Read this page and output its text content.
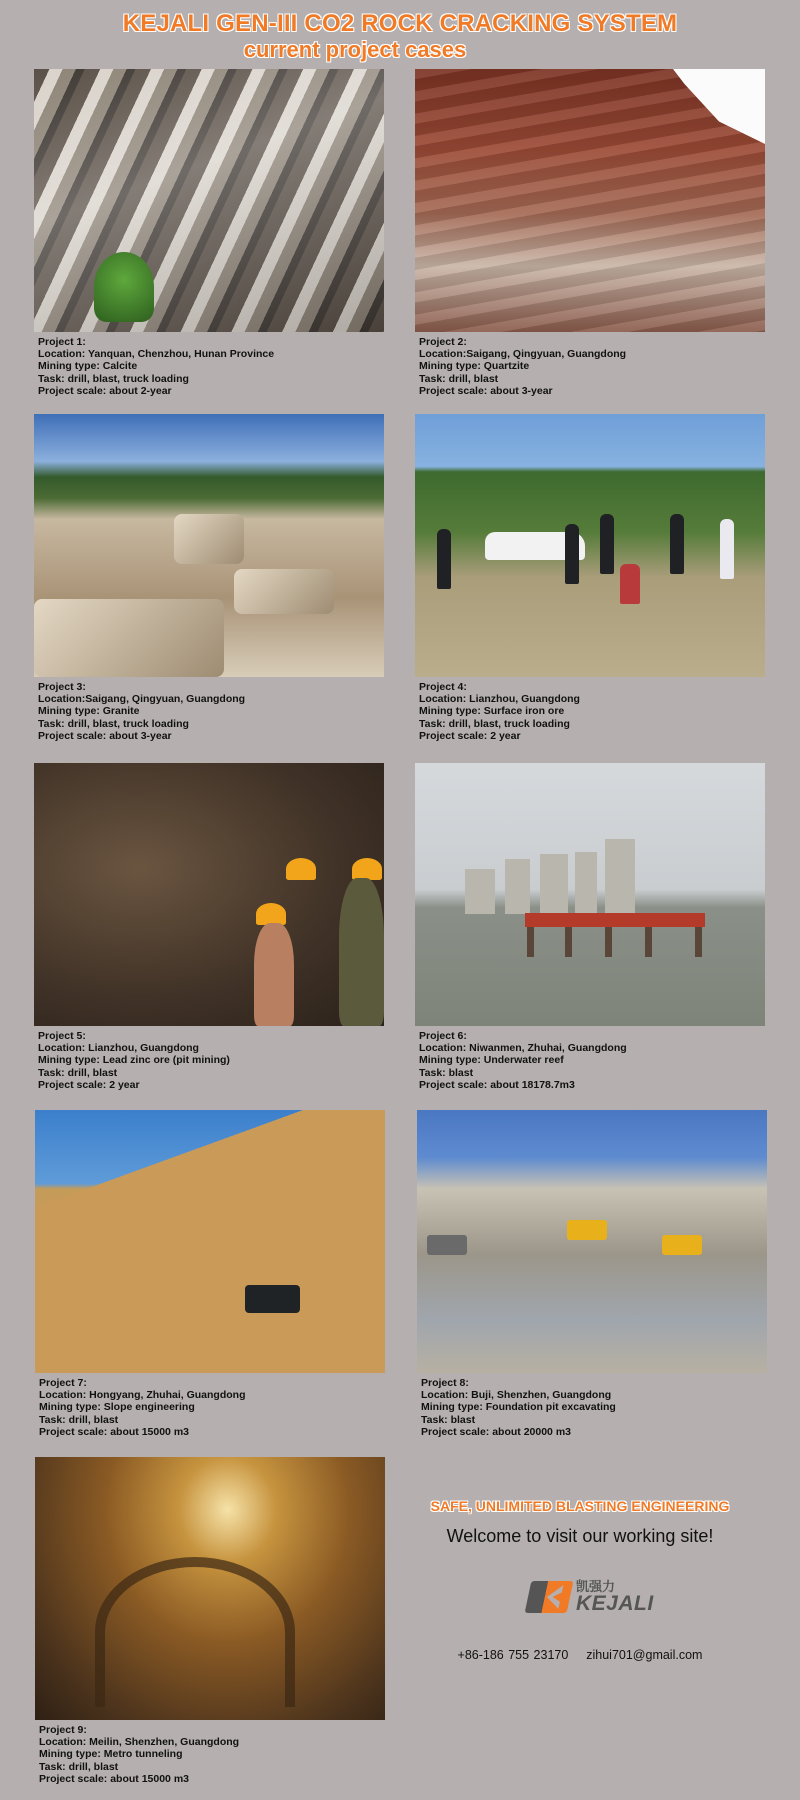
KEJALI GEN-III CO2 ROCK CRACKING SYSTEM
current project cases
Project 1:
Location: Yanquan, Chenzhou, Hunan Province
Mining type: Calcite
Task: drill, blast, truck loading
Project scale: about 2-year
Project 2:
Location:Saigang, Qingyuan, Guangdong
Mining type: Quartzite
Task: drill, blast
Project scale: about 3-year
Project 3:
Location:Saigang, Qingyuan, Guangdong
Mining type: Granite
Task: drill, blast, truck loading
Project scale: about 3-year
Project 4:
Location: Lianzhou, Guangdong
Mining type: Surface iron ore
Task: drill, blast, truck loading
Project scale: 2 year
Project 5:
Location: Lianzhou, Guangdong
Mining type: Lead zinc ore (pit mining)
Task: drill, blast
Project scale: 2 year
Project 6:
Location: Niwanmen, Zhuhai, Guangdong
Mining type: Underwater reef
Task: blast
Project scale: about 18178.7m3
Project 7:
Location: Hongyang, Zhuhai, Guangdong
Mining type: Slope engineering
Task: drill, blast
Project scale: about 15000 m3
Project 8:
Location: Buji, Shenzhen, Guangdong
Mining type: Foundation pit excavating
Task: blast
Project scale: about 20000 m3
Project 9:
Location: Meilin, Shenzhen, Guangdong
Mining type: Metro tunneling
Task: drill, blast
Project scale: about 15000 m3
SAFE, UNLIMITED BLASTING ENGINEERING
Welcome to visit our working site!
凯强力
KEJALI
+86-186 755 23170 zihui701@gmail.com
